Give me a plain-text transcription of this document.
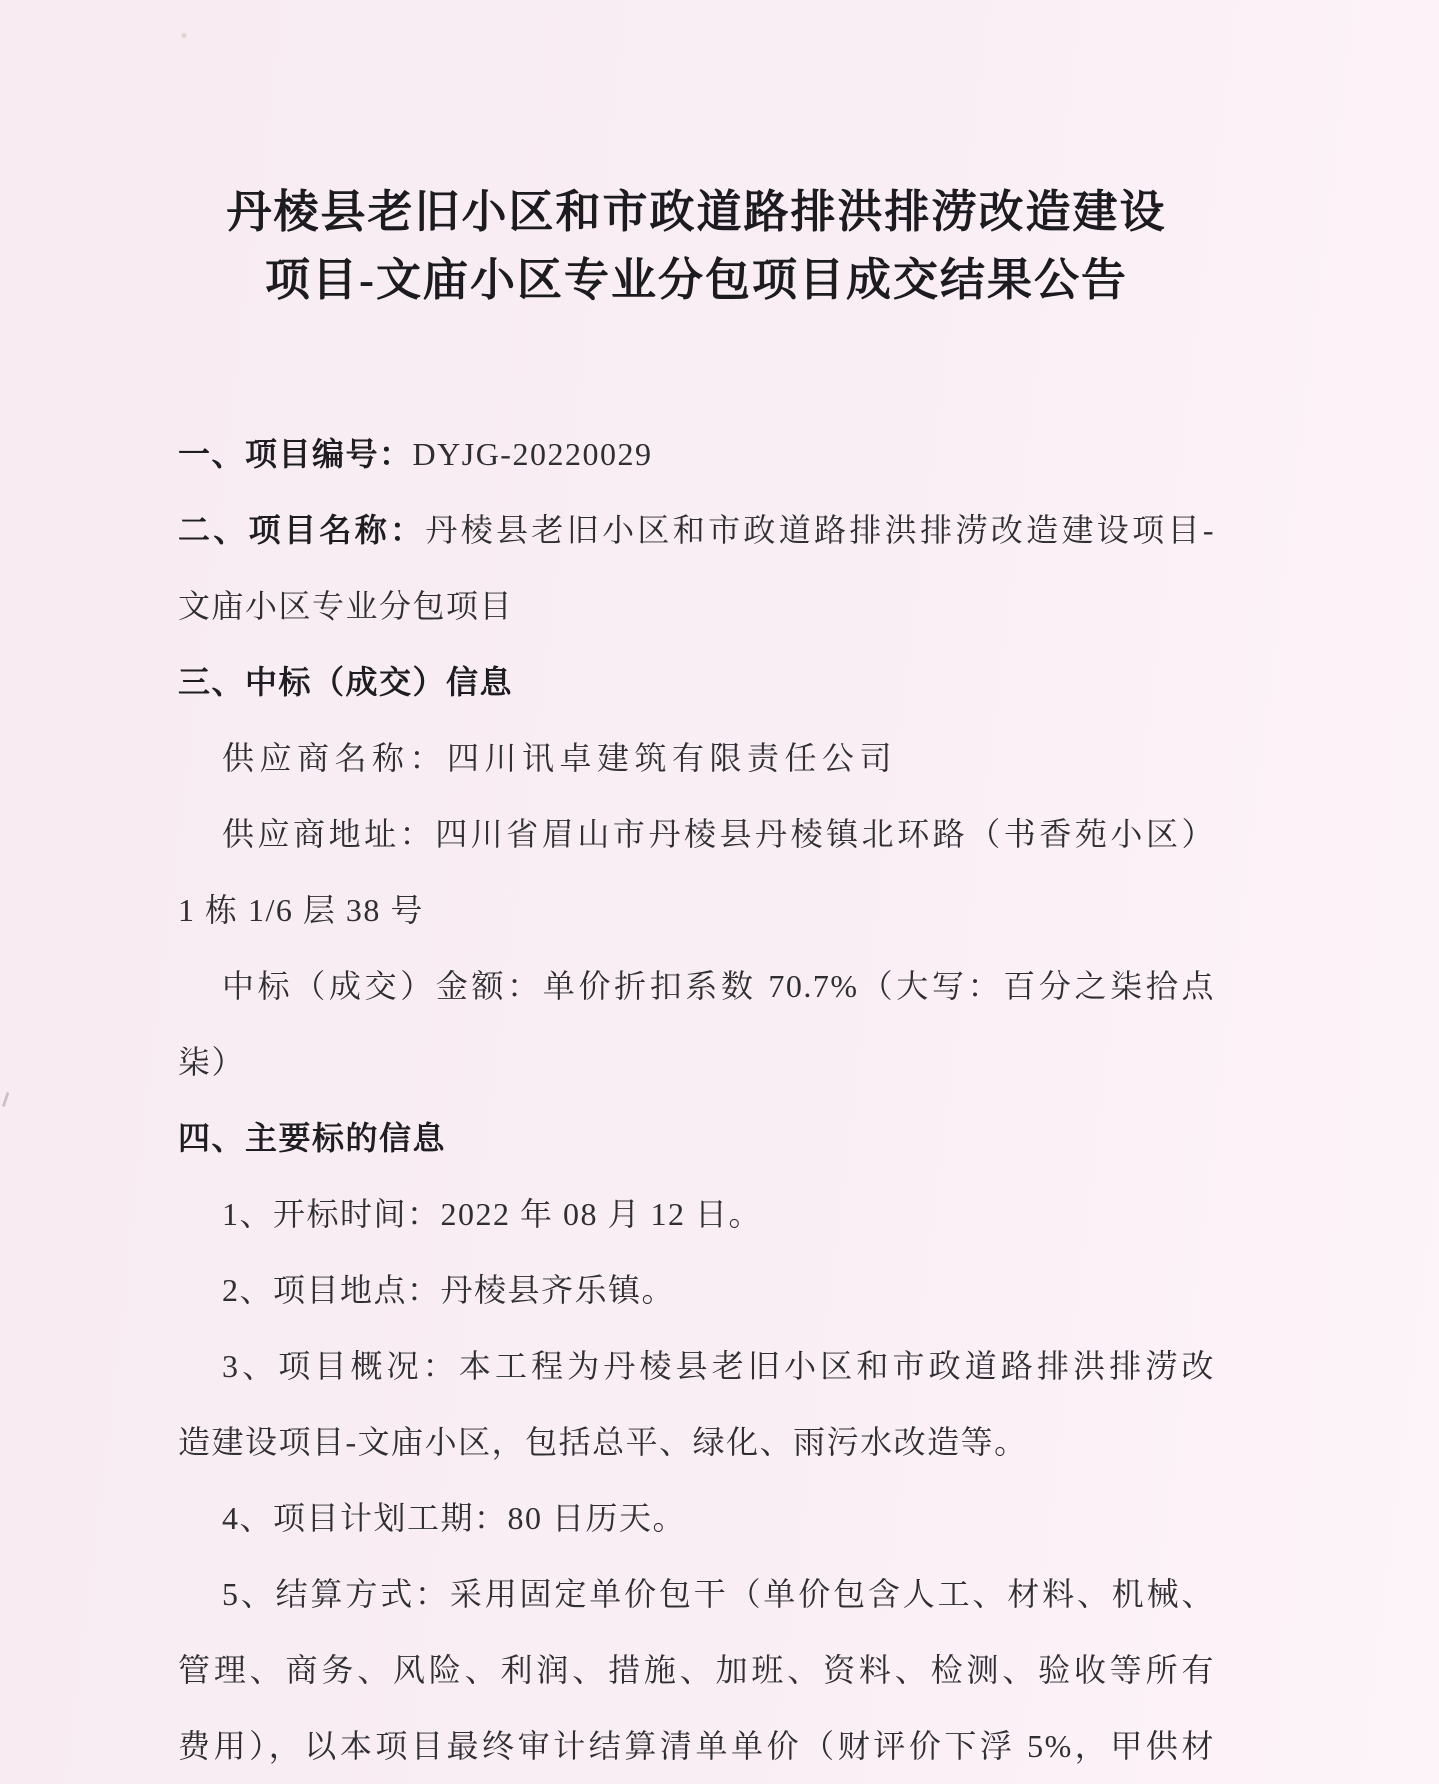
丹棱县老旧小区和市政道路排洪排涝改造建设
项目-文庙小区专业分包项目成交结果公告
一、项目编号：DYJG-20220029
二、项目名称：丹棱县老旧小区和市政道路排洪排涝改造建设项目-
文庙小区专业分包项目
三、中标（成交）信息
供应商名称：四川讯卓建筑有限责任公司
供应商地址：四川省眉山市丹棱县丹棱镇北环路（书香苑小区）
1 栋 1/6 层 38 号
中标（成交）金额：单价折扣系数 70.7%（大写：百分之柒拾点
柒）
四、主要标的信息
1、开标时间：2022 年 08 月 12 日。
2、项目地点：丹棱县齐乐镇。
3、项目概况：本工程为丹棱县老旧小区和市政道路排洪排涝改
造建设项目-文庙小区，包括总平、绿化、雨污水改造等。
4、项目计划工期：80 日历天。
5、结算方式：采用固定单价包干（单价包含人工、材料、机械、
管理、商务、风险、利润、措施、加班、资料、检测、验收等所有
费用），以本项目最终审计结算清单单价（财评价下浮 5%，甲供材
